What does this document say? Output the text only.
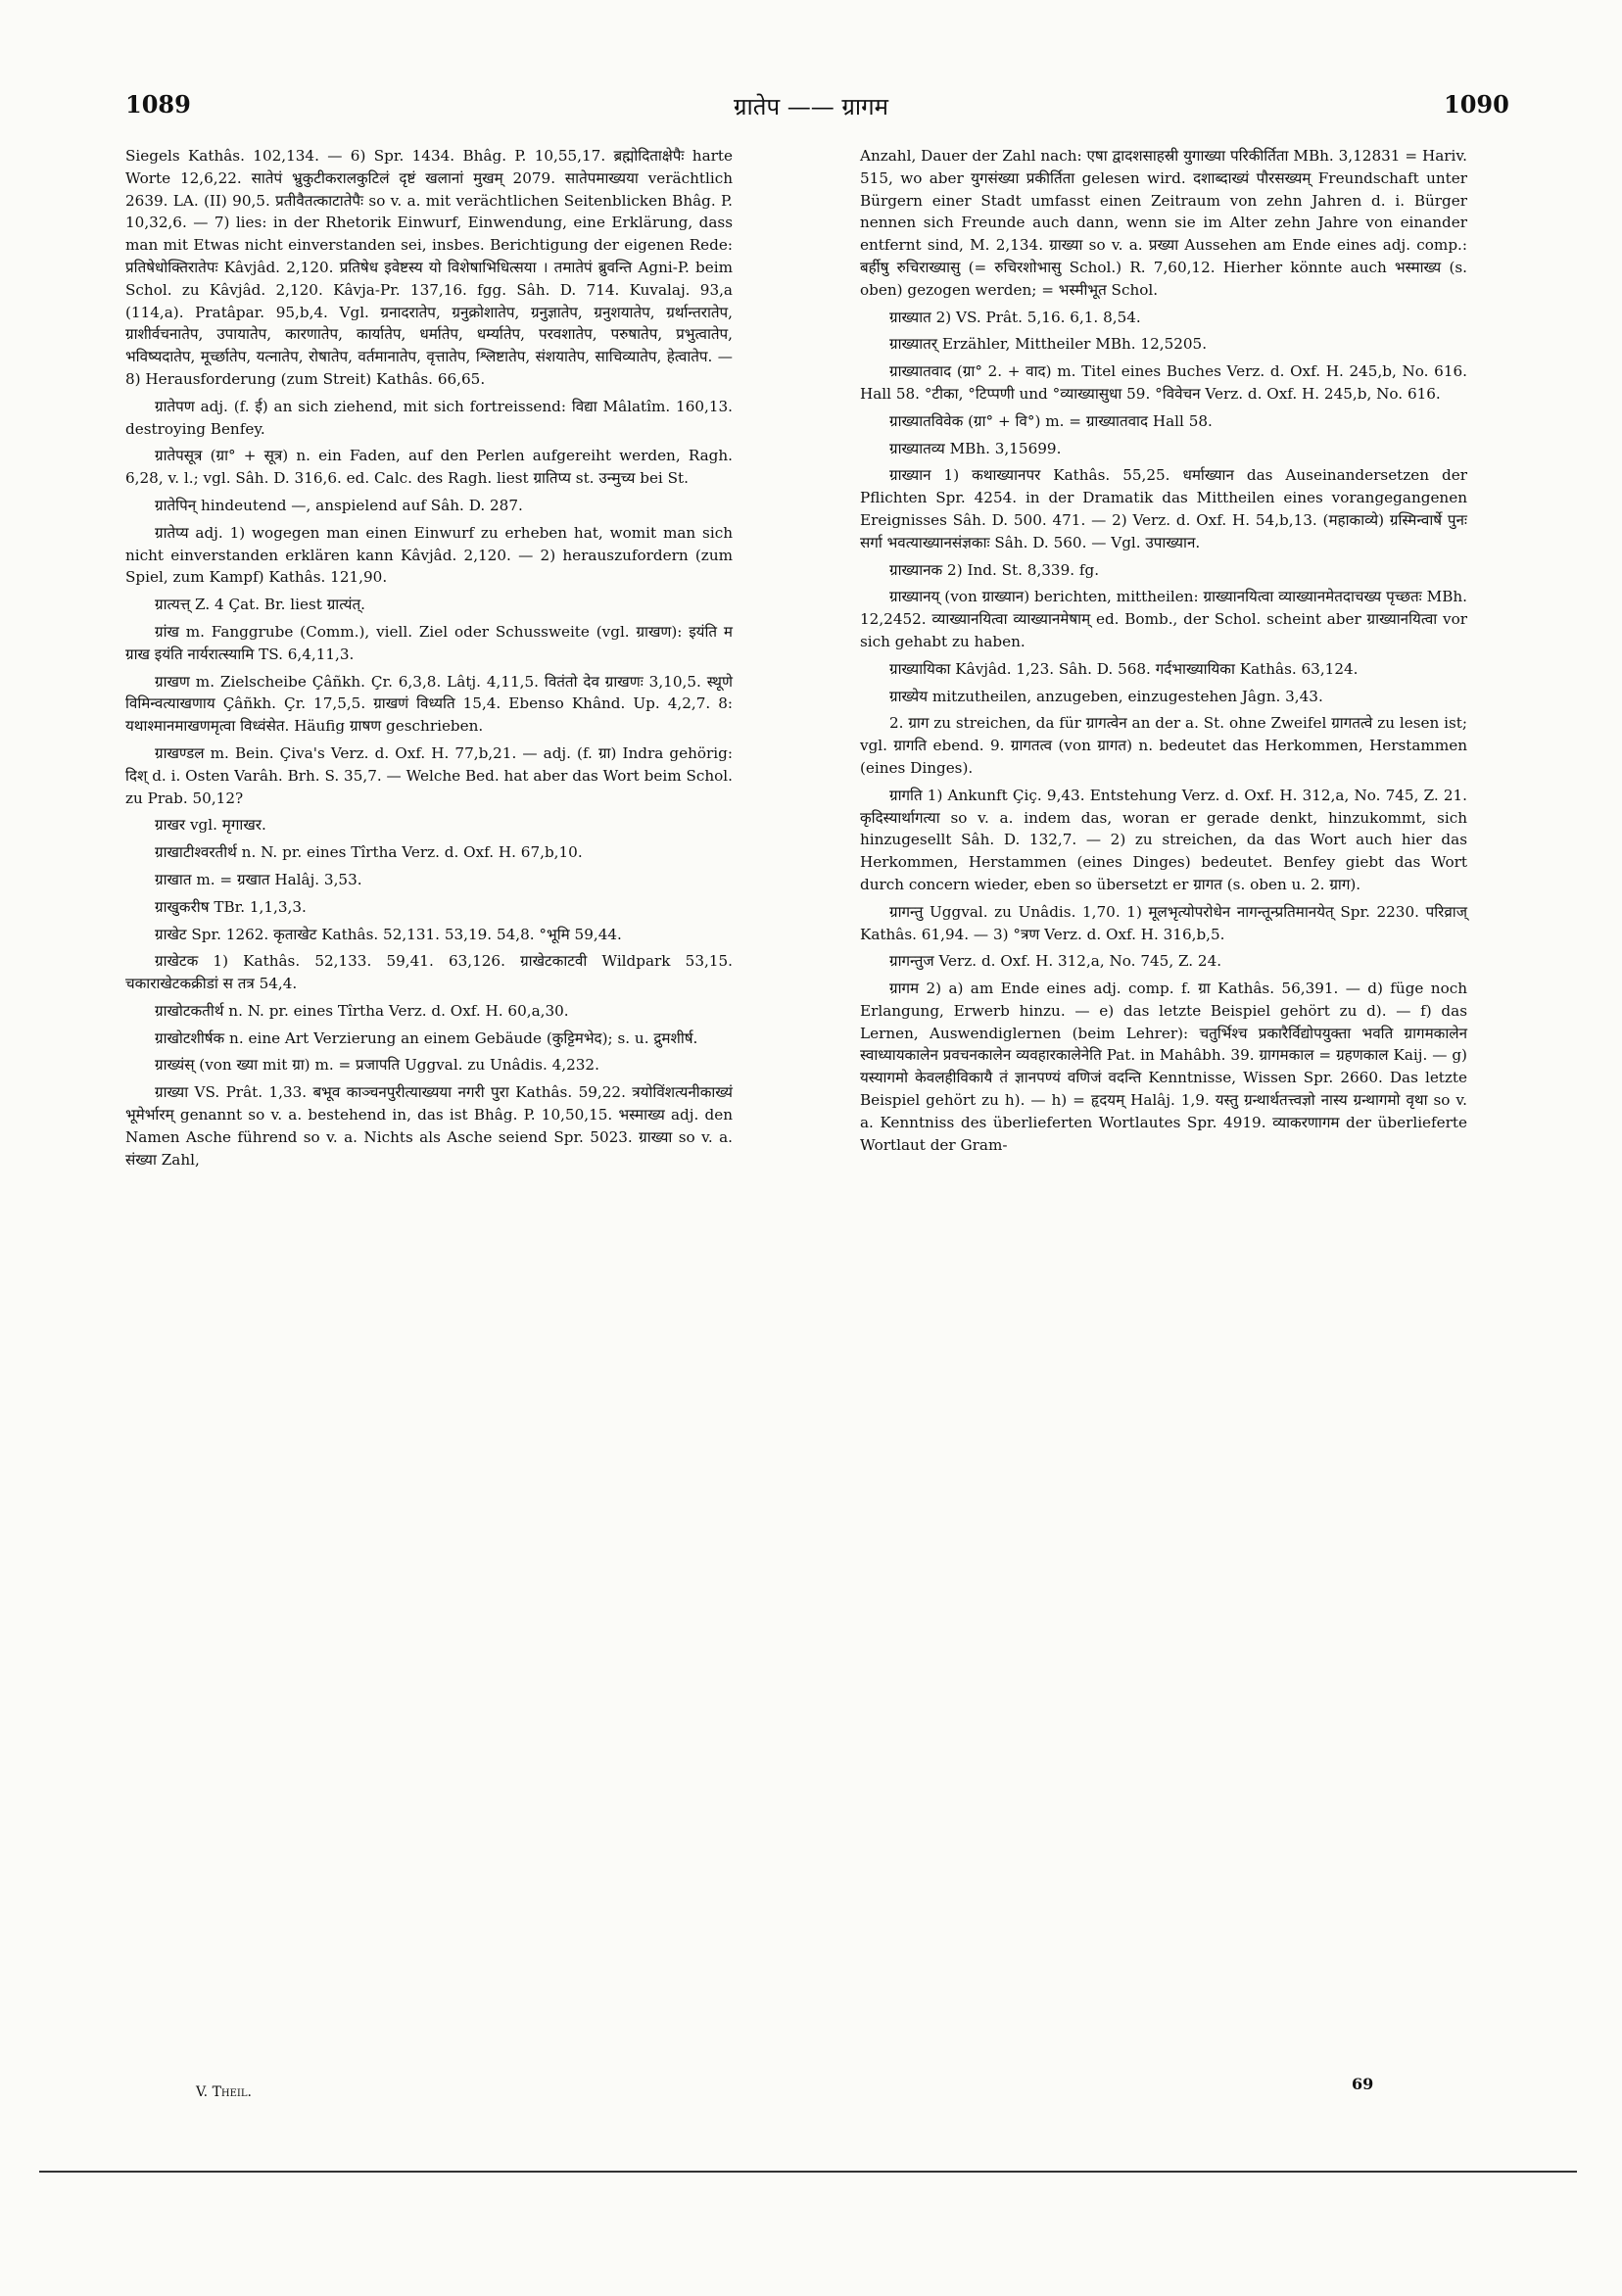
1089	ग्रातेप —— ग्रागम	1090

Siegels Kathâs. 102,134. — 6) Spr. 1434. Bhâg. P. 10,55,17. ब्रह्मोदिताक्षेपैः harte Worte 12,6,22. सातेपं भ्रुकुटीकरालकुटिलं दृष्टं खलानां मुखम् 2079. सातेपमाख्यया verächtlich 2639. LA. (II) 90,5. प्रतीवैतत्काटातेपैः so v. a. mit verächtlichen Seitenblicken Bhâg. P. 10,32,6. — 7) lies: in der Rhetorik Einwurf, Einwendung, eine Erklärung, dass man mit Etwas nicht einverstanden sei, insbes. Berichtigung der eigenen Rede: प्रतिषेधोक्तिरातेपः Kâvjâd. 2,120. प्रतिषेध इवेष्टस्य यो विशेषाभिधित्सया । तमातेपं ब्रुवन्ति Agni-P. beim Schol. zu Kâvjâd. 2,120. Kâvja-Pr. 137,16. fgg. Sâh. D. 714. Kuvalaj. 93,a (114,a). Pratâpar. 95,b,4. Vgl. ग्रनादरातेप, ग्रनुक्रोशातेप, ग्रनुज्ञातेप, ग्रनुशयातेप, ग्रर्थान्तरातेप, ग्राशीर्वचनातेप, उपायातेप, कारणातेप, कार्यातेप, धर्मातेप, धर्म्यातेप, परवशातेप, परुषातेप, प्रभुत्वातेप, भविष्यदातेप, मूर्च्छातेप, यत्नातेप, रोषातेप, वर्तमानातेप, वृत्तातेप, श्लिष्टातेप, संशयातेप, साचिव्यातेप, हेत्वातेप. — 8) Herausforderung (zum Streit) Kathâs. 66,65.

ग्रातेपण adj. (f. ई) an sich ziehend, mit sich fortreissend: विद्या Mâlatîm. 160,13. destroying Benfey.

ग्रातेपसूत्र (ग्रा° + सूत्र) n. ein Faden, auf den Perlen aufgereiht werden, Ragh. 6,28, v. l.; vgl. Sâh. D. 316,6. ed. Calc. des Ragh. liest ग्रातिप्य st. उन्मुच्य bei St.

ग्रातेपिन् hindeutend —, anspielend auf Sâh. D. 287.

ग्रातेप्य adj. 1) wogegen man einen Einwurf zu erheben hat, womit man sich nicht einverstanden erklären kann Kâvjâd. 2,120. — 2) herauszufordern (zum Spiel, zum Kampf) Kathâs. 121,90.

ग्रात्यत्त् Z. 4 Çat. Br. liest ग्रात्यंत्.

ग्रांख m. Fanggrube (Comm.), viell. Ziel oder Schussweite (vgl. ग्राखण): इयंति म ग्राख इयंति नार्यरात्स्यामि TS. 6,4,11,3.

ग्राखण m. Zielscheibe Çâñkh. Çr. 6,3,8. Lâtj. 4,11,5. वितंतो देव ग्राखणः 3,10,5. स्थूणे विमिन्वत्याखणाय Çâñkh. Çr. 17,5,5. ग्राखणं विध्यति 15,4. Ebenso Khând. Up. 4,2,7. 8: यथाश्मानमाखणमृत्वा विध्वंसेत. Häufig ग्राषण geschrieben.

ग्राखण्डल m. Bein. Çiva's Verz. d. Oxf. H. 77,b,21. — adj. (f. ग्रा) Indra gehörig: दिश् d. i. Osten Varâh. Brh. S. 35,7. — Welche Bed. hat aber das Wort beim Schol. zu Prab. 50,12?

ग्राखर vgl. मृगाखर.

ग्राखाटीश्वरतीर्थ n. N. pr. eines Tîrtha Verz. d. Oxf. H. 67,b,10.

ग्राखात m. = ग्रखात Halâj. 3,53.

ग्राखुकरीष TBr. 1,1,3,3.

ग्राखेट Spr. 1262. कृताखेट Kathâs. 52,131. 53,19. 54,8. °भूमि 59,44.

ग्राखेटक 1) Kathâs. 52,133. 59,41. 63,126. ग्राखेटकाटवी Wildpark 53,15. चकाराखेटकक्रीडां स तत्र 54,4.

ग्राखोटकतीर्थ n. N. pr. eines Tîrtha Verz. d. Oxf. H. 60,a,30.

ग्राखोटशीर्षक n. eine Art Verzierung an einem Gebäude (कुट्टिमभेद); s. u. द्रुमशीर्ष.

ग्राख्यंस् (von ख्या mit ग्रा) m. = प्रजापति Uggval. zu Unâdis. 4,232.

ग्राख्या VS. Prât. 1,33. बभूव काञ्चनपुरीत्याख्यया नगरी पुरा Kathâs. 59,22. त्रयोविंशत्यनीकाख्यं भूमेर्भारम् genannt so v. a. bestehend in, das ist Bhâg. P. 10,50,15. भस्माख्य adj. den Namen Asche führend so v. a. Nichts als Asche seiend Spr. 5023. ग्राख्या so v. a. संख्या Zahl,

Anzahl, Dauer der Zahl nach: एषा द्वादशसाहस्री युगाख्या परिकीर्तिता MBh. 3,12831 = Hariv. 515, wo aber युगसंख्या प्रकीर्तिता gelesen wird. दशाब्दाख्यं पौरसख्यम् Freundschaft unter Bürgern einer Stadt umfasst einen Zeitraum von zehn Jahren d. i. Bürger nennen sich Freunde auch dann, wenn sie im Alter zehn Jahre von einander entfernt sind, M. 2,134. ग्राख्या so v. a. प्रख्या Aussehen am Ende eines adj. comp.: बर्हीषु रुचिराख्यासु (= रुचिरशोभासु Schol.) R. 7,60,12. Hierher könnte auch भस्माख्य (s. oben) gezogen werden; = भस्मीभूत Schol.

ग्राख्यात 2) VS. Prât. 5,16. 6,1. 8,54.

ग्राख्यातर् Erzähler, Mittheiler MBh. 12,5205.

ग्राख्यातवाद (ग्रा° 2. + वाद) m. Titel eines Buches Verz. d. Oxf. H. 245,b, No. 616. Hall 58. °टीका, °टिप्पणी und °व्याख्यासुधा 59. °विवेचन Verz. d. Oxf. H. 245,b, No. 616.

ग्राख्यातविवेक (ग्रा° + वि°) m. = ग्राख्यातवाद Hall 58.

ग्राख्यातव्य MBh. 3,15699.

ग्राख्यान 1) कथाख्यानपर Kathâs. 55,25. धर्माख्यान das Auseinandersetzen der Pflichten Spr. 4254. in der Dramatik das Mittheilen eines vorangegangenen Ereignisses Sâh. D. 500. 471. — 2) Verz. d. Oxf. H. 54,b,13. (महाकाव्ये) ग्रस्मिन्वार्षे पुनः सर्गा भवत्याख्यानसंज्ञकाः Sâh. D. 560. — Vgl. उपाख्यान.

ग्राख्यानक 2) Ind. St. 8,339. fg.

ग्राख्यानय् (von ग्राख्यान) berichten, mittheilen: ग्राख्यानयित्वा व्याख्यानमेतदाचख्य पृच्छतः MBh. 12,2452. व्याख्यानयित्वा व्याख्यानमेषाम् ed. Bomb., der Schol. scheint aber ग्राख्यानयित्वा vor sich gehabt zu haben.

ग्राख्यायिका Kâvjâd. 1,23. Sâh. D. 568. गर्दभाख्यायिका Kathâs. 63,124.

ग्राख्येय mitzutheilen, anzugeben, einzugestehen Jâgn. 3,43.

2. ग्राग zu streichen, da für ग्रागत्वेन an der a. St. ohne Zweifel ग्रागतत्वे zu lesen ist; vgl. ग्रागति ebend. 9. ग्रागतत्व (von ग्रागत) n. bedeutet das Herkommen, Herstammen (eines Dinges).

ग्रागति 1) Ankunft Çiç. 9,43. Entstehung Verz. d. Oxf. H. 312,a, No. 745, Z. 21. कृदिस्यार्थागत्या so v. a. indem das, woran er gerade denkt, hinzukommt, sich hinzugesellt Sâh. D. 132,7. — 2) zu streichen, da das Wort auch hier das Herkommen, Herstammen (eines Dinges) bedeutet. Benfey giebt das Wort durch concern wieder, eben so übersetzt er ग्रागत (s. oben u. 2. ग्राग).

ग्रागन्तु Uggval. zu Unâdis. 1,70. 1) मूलभृत्योपरोधेन नागन्तून्प्रतिमानयेत् Spr. 2230. परिव्राज् Kathâs. 61,94. — 3) °त्रण Verz. d. Oxf. H. 316,b,5.

ग्रागन्तुज Verz. d. Oxf. H. 312,a, No. 745, Z. 24.

ग्रागम 2) a) am Ende eines adj. comp. f. ग्रा Kathâs. 56,391. — d) füge noch Erlangung, Erwerb hinzu. — e) das letzte Beispiel gehört zu d). — f) das Lernen, Auswendiglernen (beim Lehrer): चतुर्भिश्च प्रकारैर्विद्योपयुक्ता भवति ग्रागमकालेन स्वाध्यायकालेन प्रवचनकालेन व्यवहारकालेनेति Pat. in Mahâbh. 39. ग्रागमकाल = ग्रहणकाल Kaij. — g) यस्यागमो केवलहीविकायै तं ज्ञानपण्यं वणिजं वदन्ति Kenntnisse, Wissen Spr. 2660. Das letzte Beispiel gehört zu h). — h) = हृदयम् Halâj. 1,9. यस्तु ग्रन्थार्थतत्त्वज्ञो नास्य ग्रन्थागमो वृथा so v. a. Kenntniss des überlieferten Wortlautes Spr. 4919. व्याकरणागम der überlieferte Wortlaut der Gram-

V. Theil.	69
